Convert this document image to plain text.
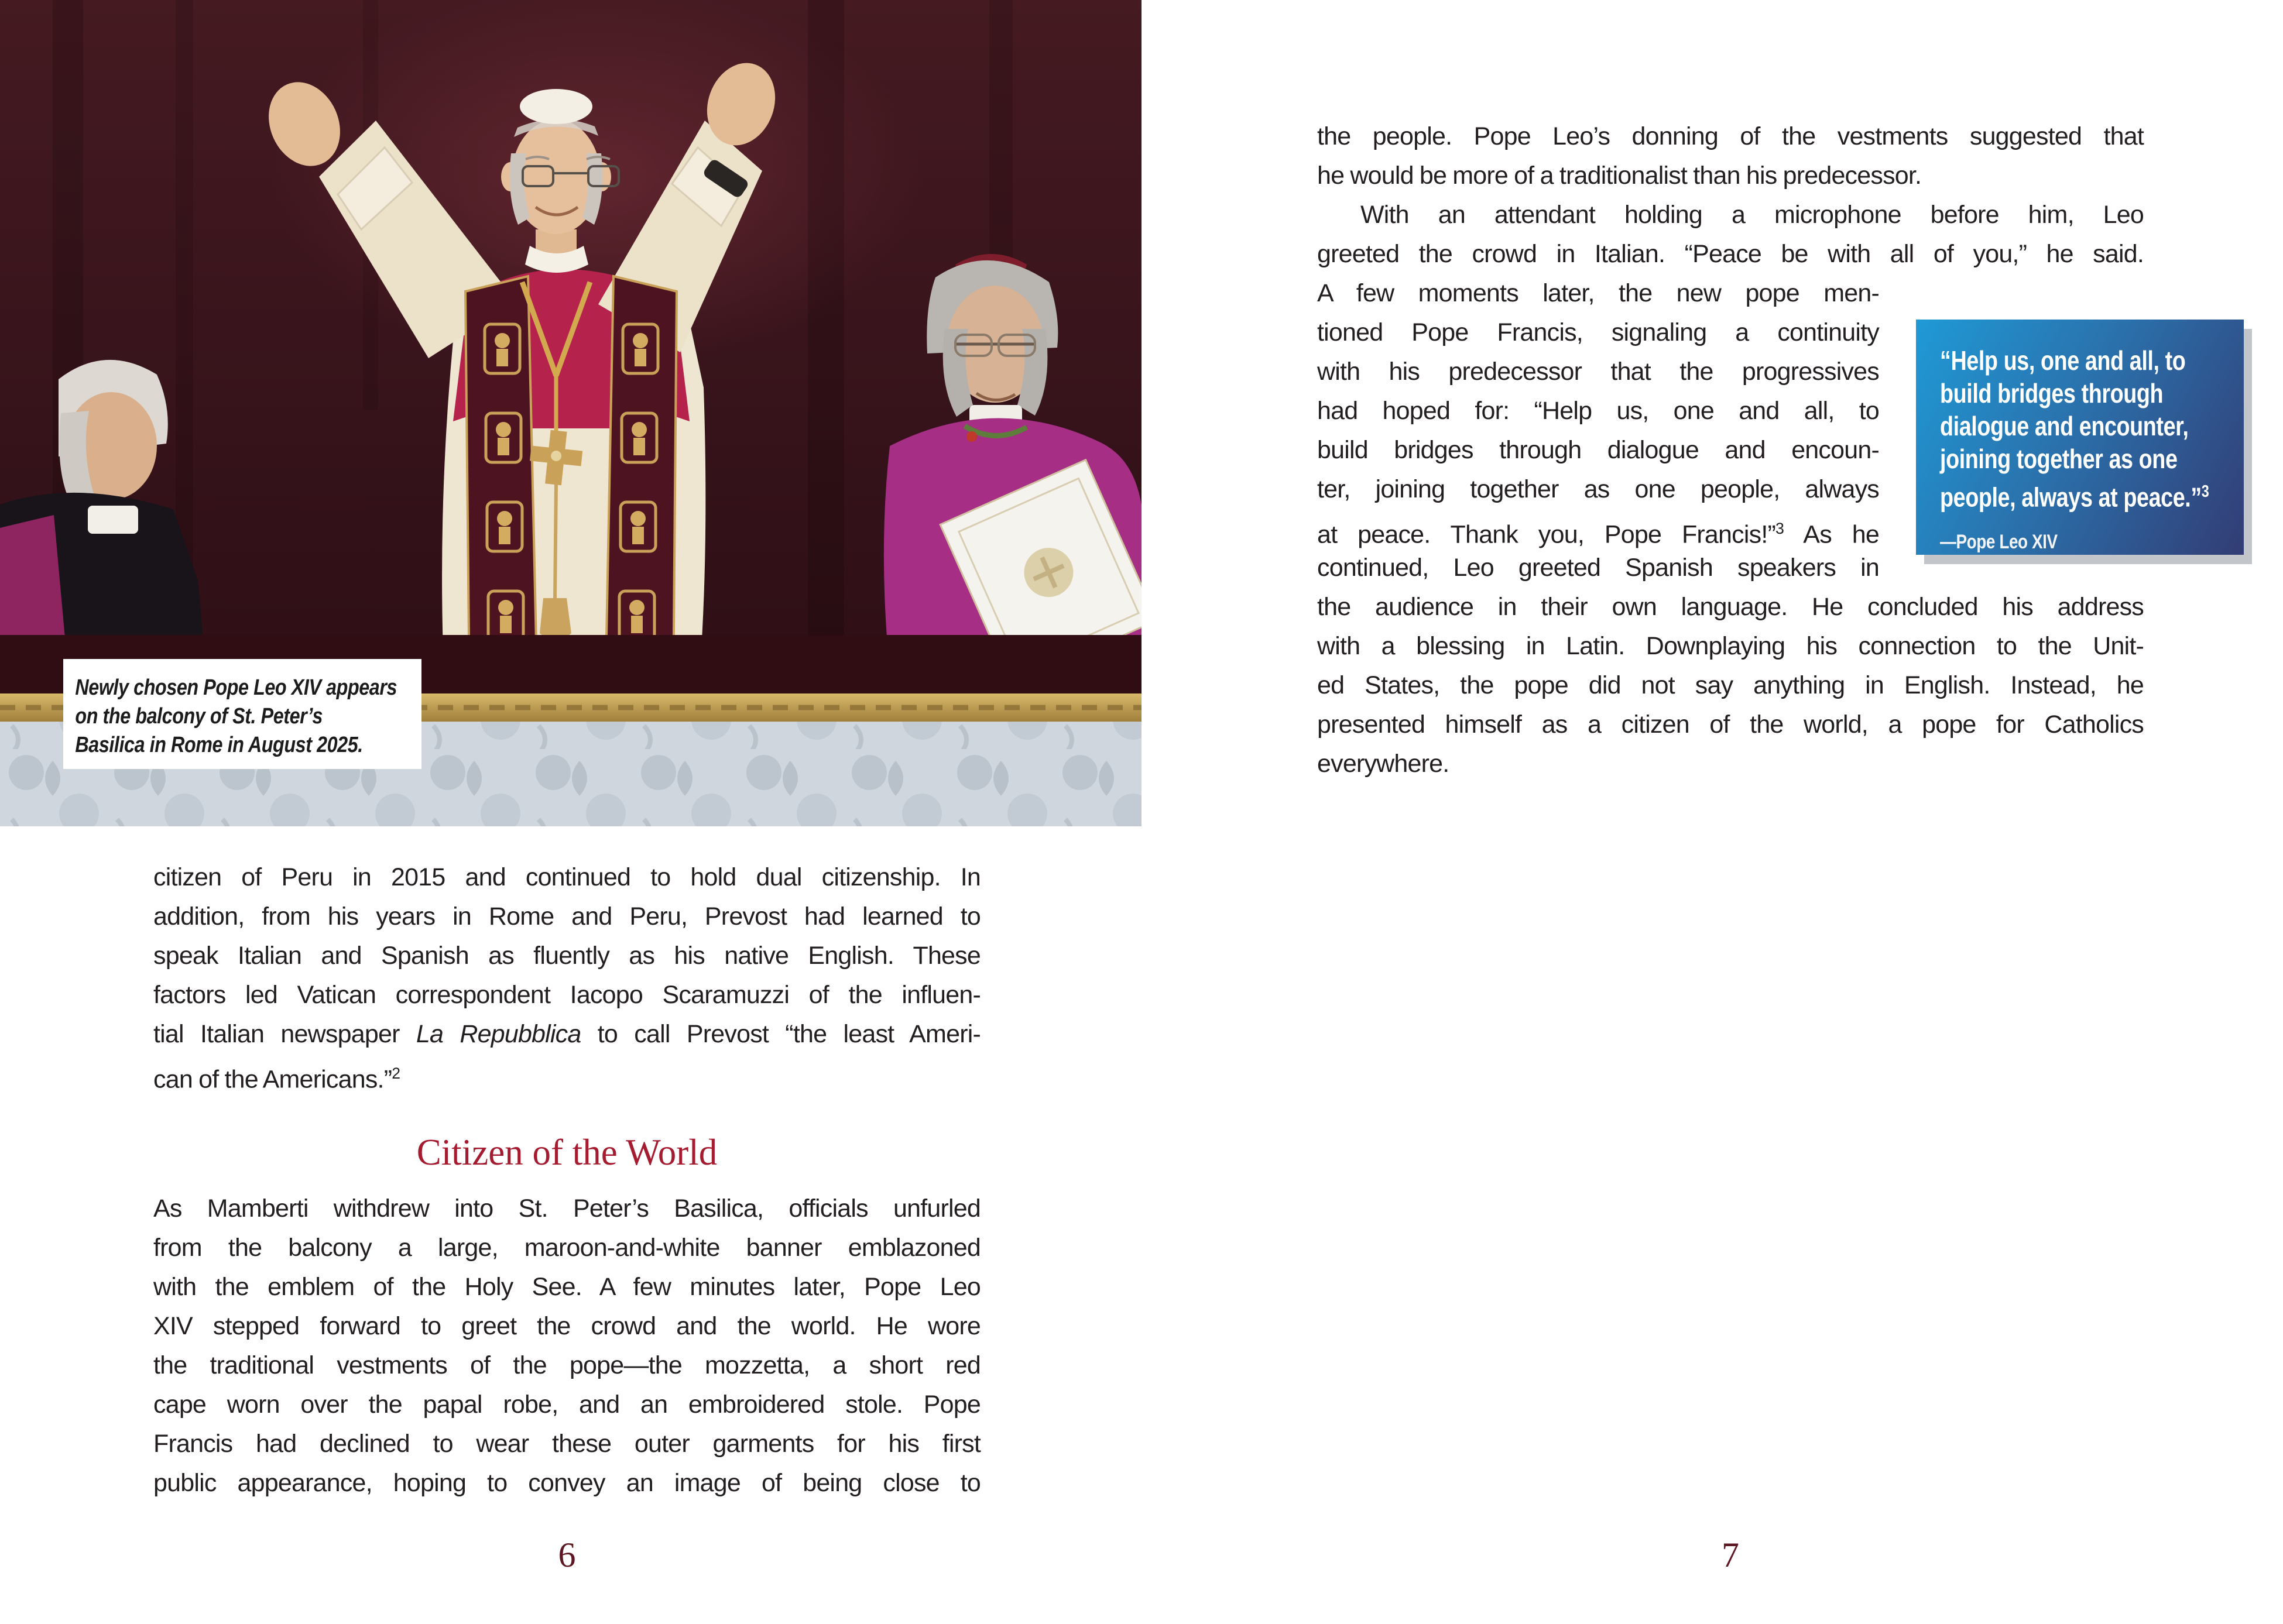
Newly chosen Pope Leo XIV appears
on the balcony of St. Peter’s
Basilica in Rome in August 2025.
citizen of Peru in 2015 and continued to hold dual citizenship. In
addition, from his years in Rome and Peru, Prevost had learned to
speak Italian and Spanish as fluently as his native English. These
factors led Vatican correspondent Iacopo Scaramuzzi of the influen-
tial Italian newspaper La Repubblica to call Prevost “the least Ameri-
can of the Americans.”$^2$
Citizen of the World
As Mamberti withdrew into St. Peter’s Basilica, officials unfurled
from the balcony a large, maroon-and-white banner emblazoned
with the emblem of the Holy See. A few minutes later, Pope Leo
XIV stepped forward to greet the crowd and the world. He wore
the traditional vestments of the pope—the mozzetta, a short red
cape worn over the papal robe, and an embroidered stole. Pope
Francis had declined to wear these outer garments for his first
public appearance, hoping to convey an image of being close to
6
the people. Pope Leo’s donning of the vestments suggested that
he would be more of a traditionalist than his predecessor.
With an attendant holding a microphone before him, Leo
greeted the crowd in Italian. “Peace be with all of you,” he said.
A few moments later, the new pope men-
tioned Pope Francis, signaling a continuity
with his predecessor that the progressives
had hoped for: “Help us, one and all, to
build bridges through dialogue and encoun-
ter, joining together as one people, always
at peace. Thank you, Pope Francis!”$^3$ As he
continued, Leo greeted Spanish speakers in
the audience in their own language. He concluded his address
with a blessing in Latin. Downplaying his connection to the Unit-
ed States, the pope did not say anything in English. Instead, he
presented himself as a citizen of the world, a pope for Catholics
everywhere.
“Help us, one and all, to
build bridges through
dialogue and encounter,
joining together as one
people, always at peace.”$^3$
—Pope Leo XIV
7
